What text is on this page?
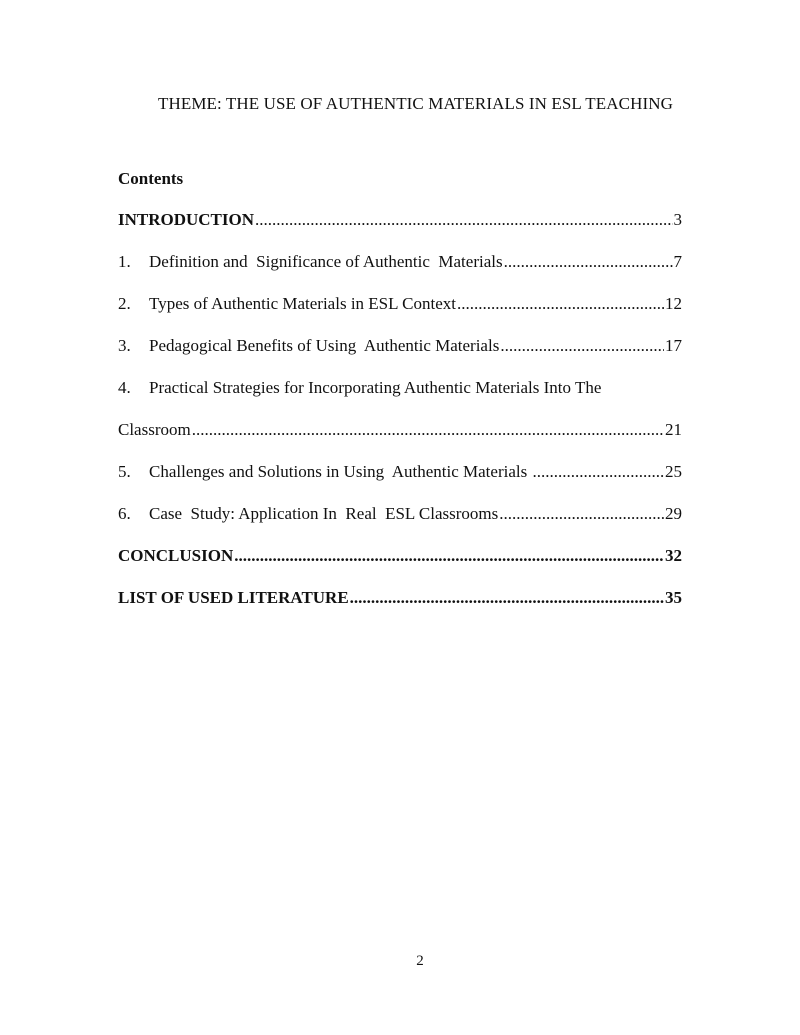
THEME: THE USE OF AUTHENTIC MATERIALS IN ESL TEACHING
Contents
INTRODUCTION .....	3
1.	Definition and  Significance of Authentic  Materials .....	7
2.	Types of Authentic Materials in ESL Context .....	12
3.	Pedagogical Benefits of Using  Authentic Materials .....	17
4.	Practical Strategies for Incorporating Authentic Materials Into The
Classroom .....	21
5.	Challenges and Solutions in Using  Authentic Materials .....	25
6.	Case  Study: Application In  Real  ESL Classrooms .....	29
CONCLUSION .....	32
LIST OF USED LITERATURE .....	35
2
